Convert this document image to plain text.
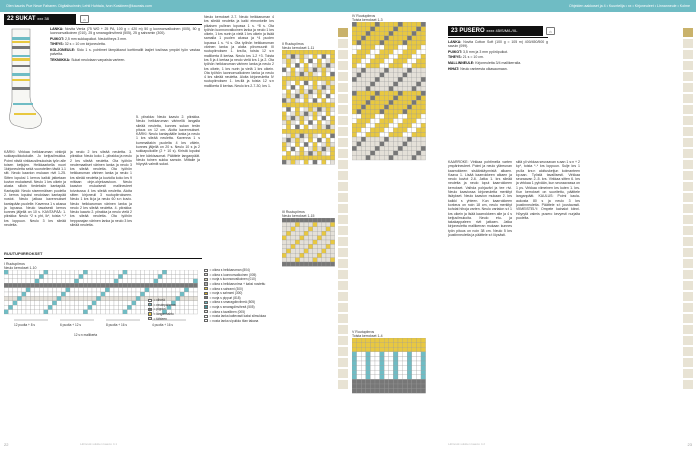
Olen kaunis Pue Neue Faharen. Digitalisoinnin; Lehti Huhtala, Ivon Koskinen@kaunsis.com
22 SUKAT xxx 38	⌂

LANKA: Novita Venla (75 WO + 25 PA, 100 g = 420 m) 50 g luonnonvalkoinen (005), 50 g luonnonvalkoinen (010), 25 g smaragdinvihreä (505), 25 g sahramin (300).

PUIKOT: 2,5 mm sukkapuikot. Neulotiheys 3 mm.

TIHEYS: 32 s = 10 cm kirjoneuletta.

KOLJONEULE: Sido 1 s. pohtimet lämpäkarut korttimallit lasjiet tosiinaa ympäri työn vastaa palvelta.

TEKNIIKKA: Sukat neulotaan varpaista varteen.

KÄRKI: Virkkaa heikkaruman virkinjä sukkapuikkolukulle. Jo ketjusilmukka. Poimi niistä virkkausilmukoista työn alle toisen ketjujen. Heikkaarkella nuori 1kirjoneuletta sekä vuorotellen tästä 1.1 sitt. Neulo kaavion mukaan rivit 1-25. Sitten lopuksi 1 kerros kaikki jatketaan kuvion mukaisesti. Neulo 1 krs oikein ja alusta silloin tiedeksiin kantapää. Kantapää: Neulo sisemmäisen puolella 2. kerros lopuksi neulotaan kantapää nostot. Neulo jatkaa kavennukset kantapään puolelle. Kavenna 1 s alussa ja lopussa. Neulo tasaisesti kerros kunnes jäljellä on 10 s. KANTAPÄÄ: 1. piirakka: Neulo *2 s yht, lk*, toista *-* krs loppuun. Neulo 3 krs sileää neuletta.
ja neulo 2 krs sileää neuletta. 3. piirakka: Neulo koko 1. piirakka ja neulo 2 krs sileää neuletta. Ota työhön neulemaatiset värinen lanka ja neulo 3 krs sileää neuletta. Ota työhön heikkaruman värinen lanka ja neulo 1 krs sileää neuletta ja kuviolla koko krs 9 mittaan ohje-ohjekaavioon. Neulo kaavion mukaisesti mallineuleet toivotussa 4 krs sileää neuletta. Aloita sitten kirjoneuli 3 ruutupiirrokseen. Neulo 1 krs lk:ja ja neulo 60 s:n kuvio. Neulo heikkaruman värinen lanka ja neulo 2 krs sileää neuletta. 4. piirakka: Neulo kaavio 2. piirakka ja neulo vielä 2 krs sileää neuletta. Ota työhön heppanajan värinen lanka ja neulo 3 krs sileää neuletta.
5. piirakka: Neulo kaavio 2. piirakka. Neulo heikkaruman värinellä langalla sileää neuletta, kunnes sukan terän pituus on 12 cm. Aloita kavennukset. KÄRKI: Neulo kantapäälle lanka ja neulo 1 krs sileää neuletta. Kavenna 1 s kummaltakin puolelta 4 krs välein, kunnes jäljellä on 20 s. Neulo 10 s ja 2 sukkapuikoille (2 + 10 s). Kiristä lopuksi ja tee kärkisaumat. Päättele langanpäät. Neulo toinen sukka samoin. Mittaile ja höyrytä valmiit sukat.
Neulo kerrokset 2-7. Neulo heikkaruman 4 krs sileää neuletta ja kaiki eimonkelle krs pikaisen pullean lopussa 1 s. *8 s. Ota työhön luonnonvalkoinen lanka ja neulo 1 krs oikein, 1 krs nurin ja vielä 1 krs oikein ja lisää samalla 1 puolen alussa ja *4 puolen lopussa 1 s. *4 s. Ota työhön heikkaruman värinen lanka ja aloita piiromuunit III ruutupiirroksen 1. krs:lla, toista 12 s:n mallikerta 8 kertaa. Neulo krs 1-2 +3. Toista krs 5 ja 4 kertaa ja neulo vielä krs 1 ja 2. Ota työhön heikkaruman värinen lanka ja neulo 2 krs oikein, 1 krs nurin ja vielä 1 krs oikein. Ota työhön luonnonvalkoinen lanka ja neulo 4 krs sileää neuletta. Aloita kirjoneuletta IV ruutupiirroksen 1. krs:llä ja toista 12 s:n mallikerta 8 kertaa. Neulo krs 2-7-30, krs 1.
II Ruutupiirros
Neulo kerrokset 1-11
III Ruutupiirros
Neulo kerrokset 1-15
RUUTUPIIRROKSET
I Ruutupiirros
Neulo kerrokset 1-10
12 puolta + 8 s	6 puolta + 12 s	8 puolta + 16 s	4 puolta + 16 s
12 s:n mallikerta
= vihreä
= neulepahmaa
= pippuri
= langanhahto
= tähteen
= oikea s heikkaruman (804)
= oikea s luonnonvalkoinen (005)
= nurja s luonnonvalkoinen (010)
= oikea s heikkarunima + kaksi nostettu
= oikea s sahrami (300)
= nurja s sahrami (300)
= nurja s pippuri (818)
= oikea s smaragdinvihreä (505)
= nurja s smaragdinvihreä (505)
= oikea s tavallinen (005)
= nosta lanka kaltevasti kaksi silmukkaa
= nosta lanka s/puikko tilan takana
Lähtevät sukkien kaavio 4.1
22
Ohjeiden aakkoset ja 4 • Kuuntelija • xx • Kirjoneuleet • Linnanneule • Kolme
IV Ruutupiirros
Toista kerrokset 1-3
V Ruutupiirros
Toista kerrokset 1-4
23 PUSERO xxxx 45/S/M/L/XL	⌂

LANKA: Novita Cotton Soft (100 g = 105 m) 400/450/500 g savuin (099).

PUIKOT: 3,5 mm ja 3 mm pyöröpuikot.

TIHEYS: 21 s = 10 cm.

MALLINNEULE: Kirjoneuletta 3/4 mallikerralla.

HIHAT: Neulo ranteesta olkasaumaan.

KAARROKE: Virkkaa pohtimella varten ympärineuleet. Poimi ja neulo yläreunan kaarrokkeen sisäänkäynnistä alkaen. Kaava 1. Lisää kaarrokkeen alkaen ja neulo kuviot 2-6. Jatka 1. krs sileää neuletta ja neulo loput kaarrokkeen kerrokset. Vaihda pohjaväri ja tee rivi. Neulo kaaviossa kirjoneuletta merkityt lisäykset. Neulo kaavion mukaan 2. krs kaikki s yhteen. Kun kaarrokkeen korkeus on noin 18 cm, neulo merkityt kohdat hihoja varten. Neulo vartalon s:t 1 krs oikein ja lisää kaarrokkeen alle ja 4 s ketjusilmukoita. Neulo etu- ja takakappaleen rivit jatkaen. Jatka kirjoneuletta mallikerran mukaan kunnes työn pituus on noin 38 cm. Neulo 5 krs joustinneuletta ja päättele s:t löysästi.
siitä yli virkkaa seuraavan s:aan 1 s:n + 2 kp*, toista *-* krs loppuun. Sulje krs 1 ps:lla krs:n aloitusketjun kolmanteen kp:aan. Työstä tavallisesti. Virkkaa seuraavan 2.-5. krs. Virkkaa sitten 6. krs ja virkkaa 1 pylvään, kun seuraavassa on 1 ps. Virkkaa viimeinen krs kuten 1. krs. Kun kerrokset on suoritettu, päättele langanpäät. KAULUS: Poimi kaula-aukosta 80 s ja neulo 3 krs joustinneuletta. Päättele s:t joustavasti. VIIMEISTELY: Ompele kainalot kiinni. Höyrytä valmis pusero kevyesti nurjalta puolelta.
Lähtevät sukkien kaavio 4.2	23
